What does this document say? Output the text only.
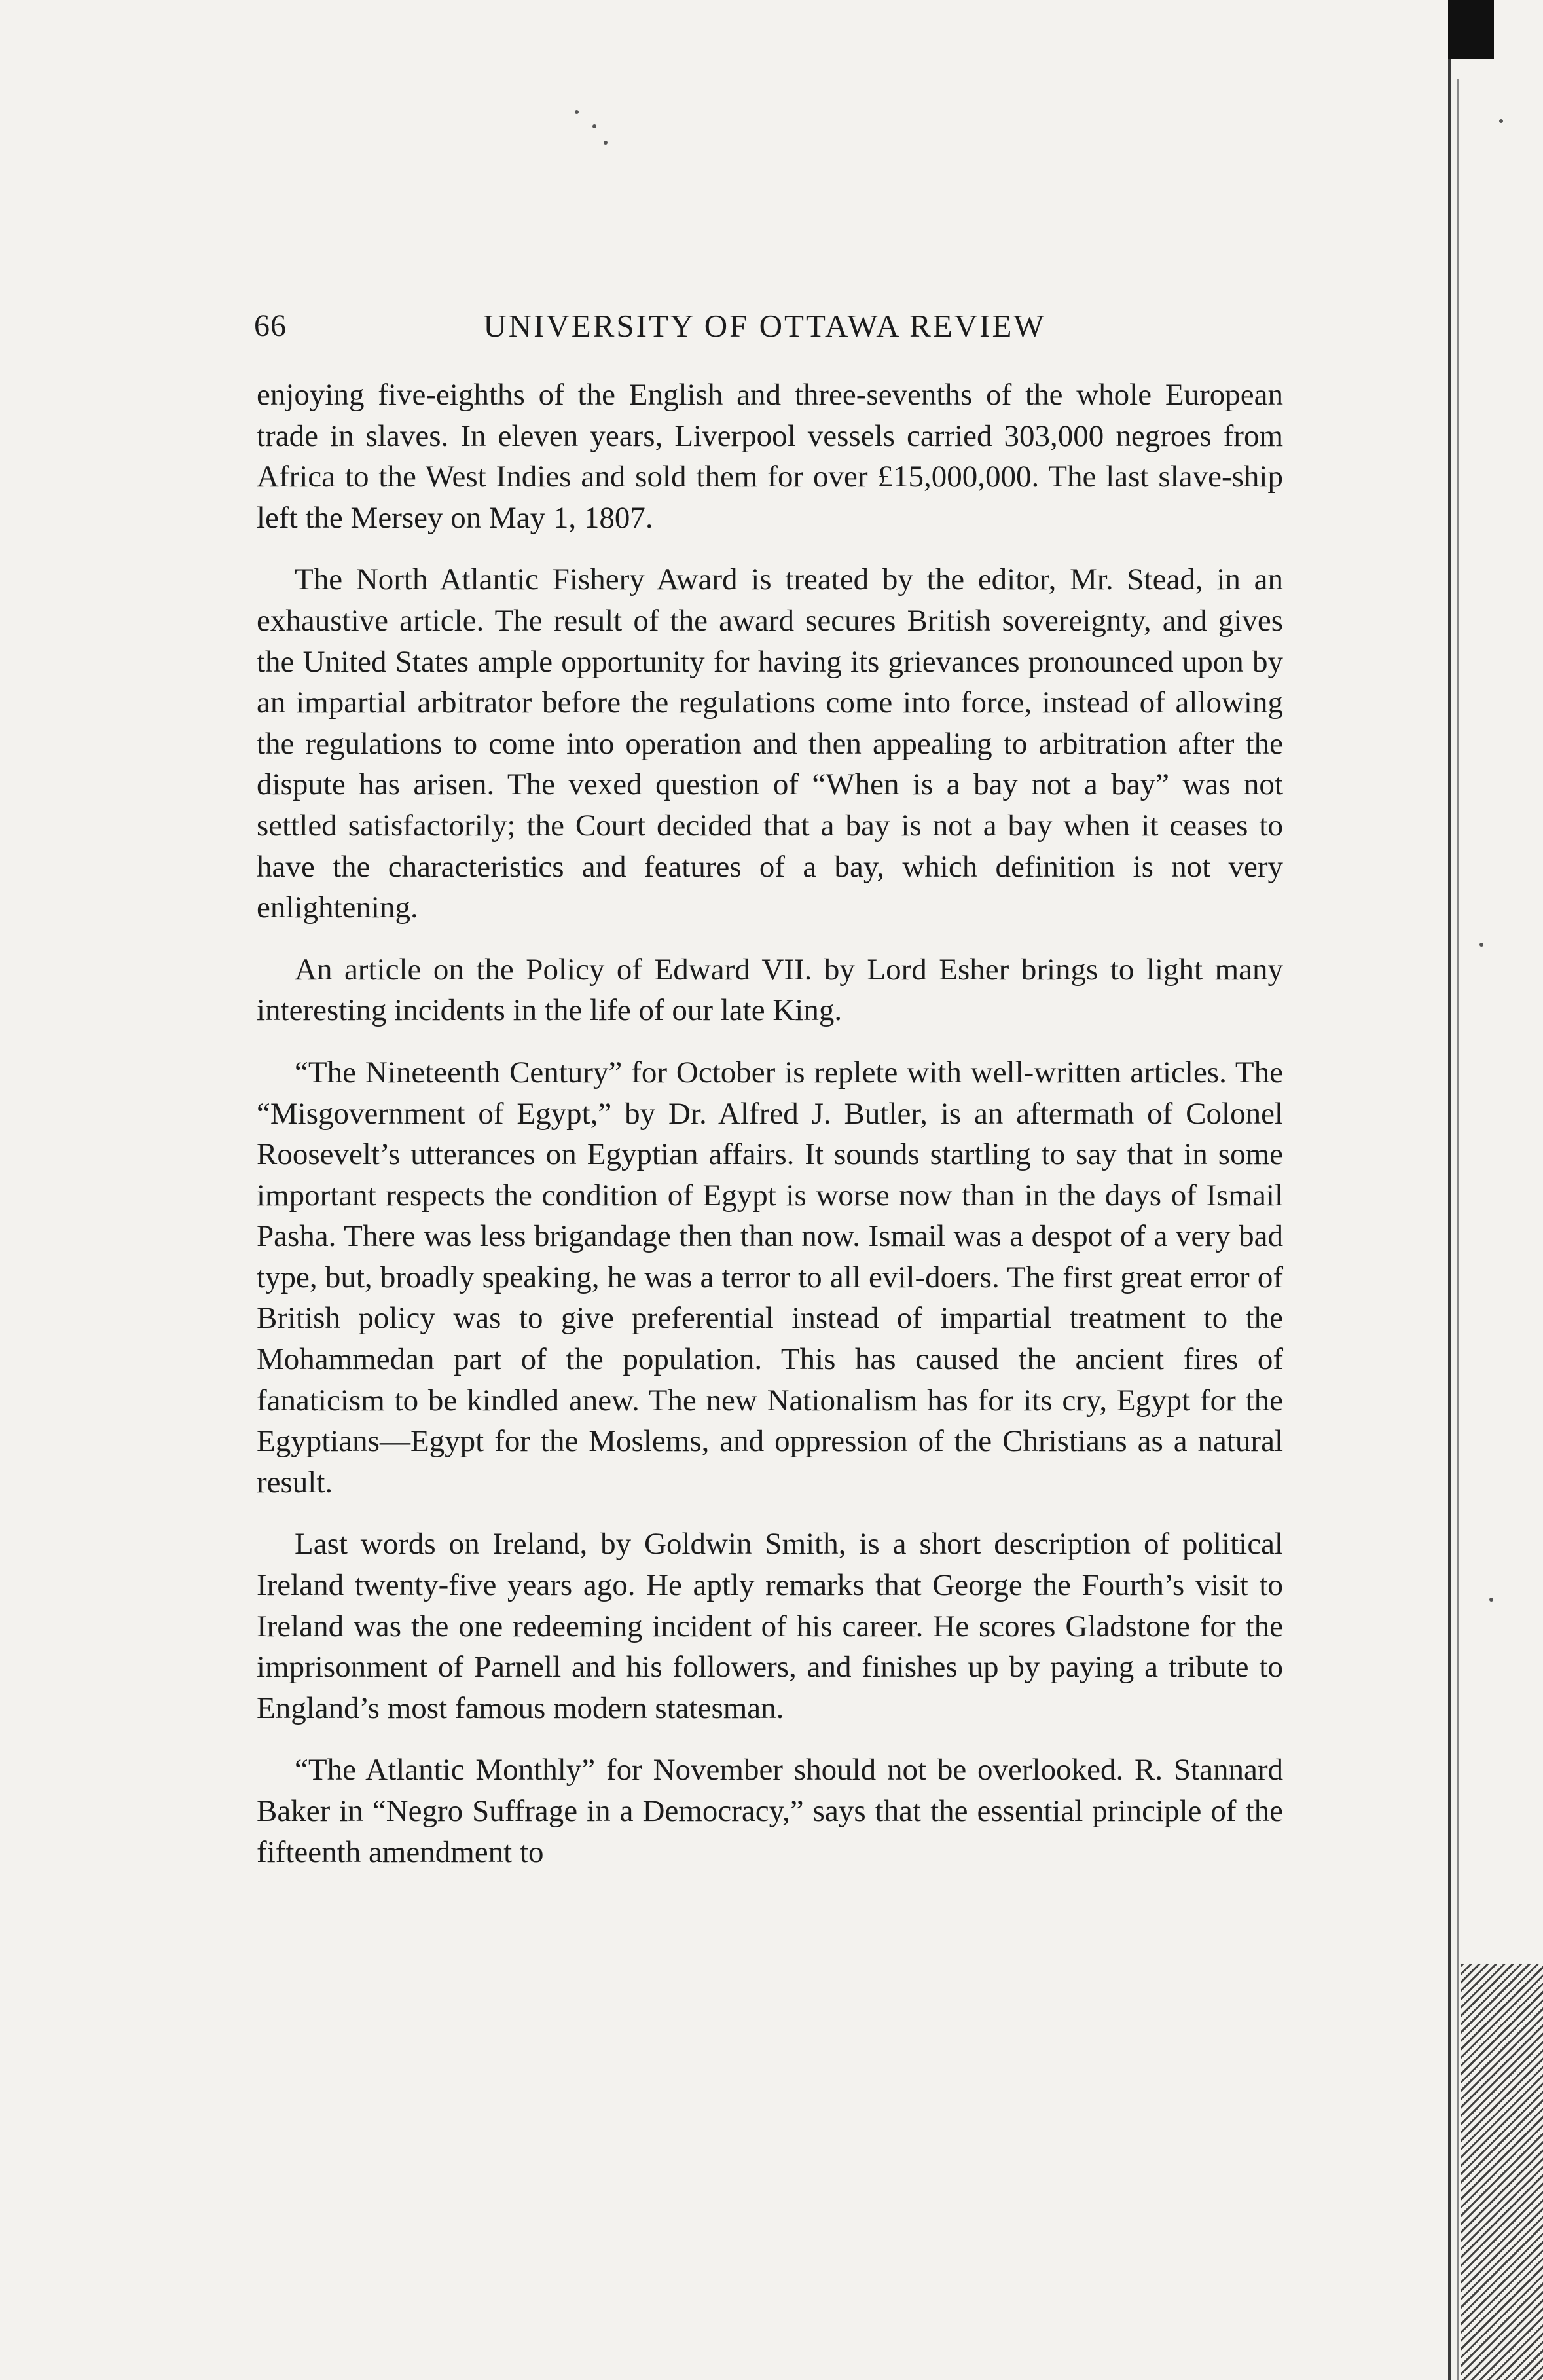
66	UNIVERSITY OF OTTAWA REVIEW

enjoying five-eighths of the English and three-sevenths of the whole European trade in slaves. In eleven years, Liverpool vessels carried 303,000 negroes from Africa to the West Indies and sold them for over £15,000,000. The last slave-ship left the Mersey on May 1, 1807.

The North Atlantic Fishery Award is treated by the editor, Mr. Stead, in an exhaustive article. The result of the award secures British sovereignty, and gives the United States ample opportunity for having its grievances pronounced upon by an impartial arbitrator before the regulations come into force, instead of allowing the regulations to come into operation and then appealing to arbitration after the dispute has arisen. The vexed question of “When is a bay not a bay” was not settled satisfactorily; the Court decided that a bay is not a bay when it ceases to have the characteristics and features of a bay, which definition is not very enlightening.

An article on the Policy of Edward VII. by Lord Esher brings to light many interesting incidents in the life of our late King.

“The Nineteenth Century” for October is replete with well-written articles. The “Misgovernment of Egypt,” by Dr. Alfred J. Butler, is an aftermath of Colonel Roosevelt’s utterances on Egyptian affairs. It sounds startling to say that in some important respects the condition of Egypt is worse now than in the days of Ismail Pasha. There was less brigandage then than now. Ismail was a despot of a very bad type, but, broadly speaking, he was a terror to all evil-doers. The first great error of British policy was to give preferential instead of impartial treatment to the Mohammedan part of the population. This has caused the ancient fires of fanaticism to be kindled anew. The new Nationalism has for its cry, Egypt for the Egyptians—Egypt for the Moslems, and oppression of the Christians as a natural result.

Last words on Ireland, by Goldwin Smith, is a short description of political Ireland twenty-five years ago. He aptly remarks that George the Fourth’s visit to Ireland was the one redeeming incident of his career. He scores Gladstone for the imprisonment of Parnell and his followers, and finishes up by paying a tribute to England’s most famous modern statesman.

“The Atlantic Monthly” for November should not be overlooked. R. Stannard Baker in “Negro Suffrage in a Democracy,” says that the essential principle of the fifteenth amendment to
